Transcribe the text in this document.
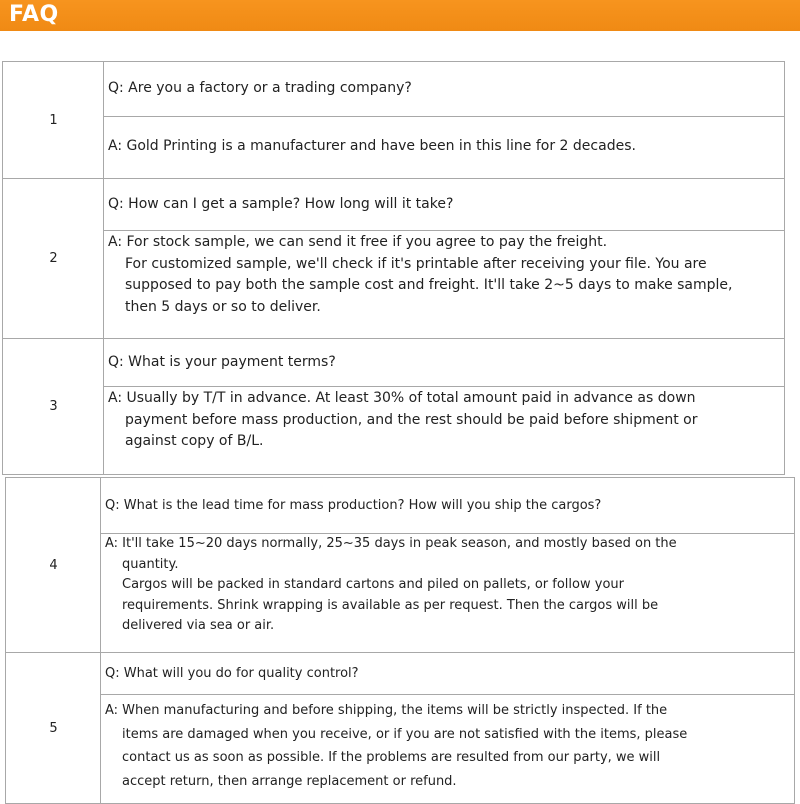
FAQ
1
Q: Are you a factory or a trading company?
A: Gold Printing is a manufacturer and have been in this line for 2 decades.
2
Q: How can I get a sample? How long will it take?
A: For stock sample, we can send it free if you agree to pay the freight.
For customized sample, we'll check if it's printable after receiving your file. You are
supposed to pay both the sample cost and freight. It'll take 2~5 days to make sample,
then 5 days or so to deliver.
3
Q: What is your payment terms?
A: Usually by T/T in advance. At least 30% of total amount paid in advance as down
payment before mass production, and the rest should be paid before shipment or
against copy of B/L.
4
Q: What is the lead time for mass production? How will you ship the cargos?
A: It'll take 15~20 days normally, 25~35 days in peak season, and mostly based on the
quantity.
Cargos will be packed in standard cartons and piled on pallets, or follow your
requirements. Shrink wrapping is available as per request. Then the cargos will be
delivered via sea or air.
5
Q: What will you do for quality control?
A: When manufacturing and before shipping, the items will be strictly inspected. If the
items are damaged when you receive, or if you are not satisfied with the items, please
contact us as soon as possible. If the problems are resulted from our party, we will
accept return, then arrange replacement or refund.
